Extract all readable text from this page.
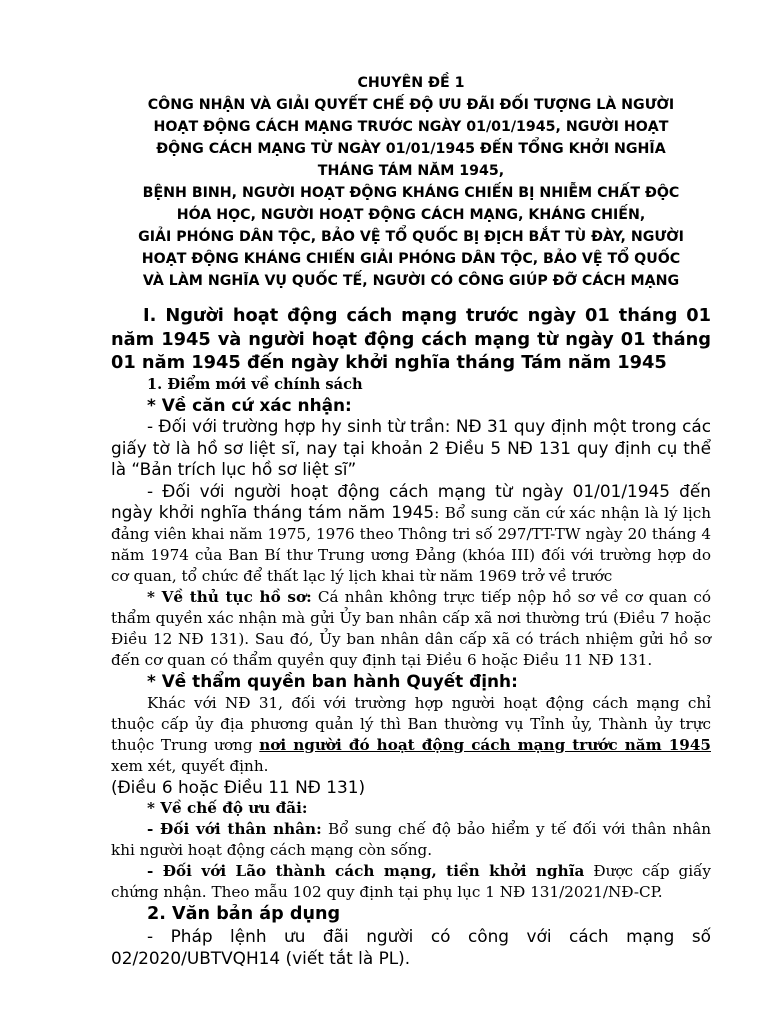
CHUYÊN ĐỀ 1
CÔNG NHẬN VÀ GIẢI QUYẾT CHẾ ĐỘ ƯU ĐÃI ĐỐI TƯỢNG LÀ NGƯỜI
HOẠT ĐỘNG CÁCH MẠNG TRƯỚC NGÀY 01/01/1945, NGƯỜI HOẠT
ĐỘNG CÁCH MẠNG TỪ NGÀY 01/01/1945 ĐẾN TỔNG KHỞI NGHĨA
THÁNG TÁM NĂM 1945,
BỆNH BINH, NGƯỜI HOẠT ĐỘNG KHÁNG CHIẾN BỊ NHIỄM CHẤT ĐỘC
HÓA HỌC, NGƯỜI HOẠT ĐỘNG CÁCH MẠNG, KHÁNG CHIẾN,
GIẢI PHÓNG DÂN TỘC, BẢO VỆ TỔ QUỐC BỊ ĐỊCH BẮT TÙ ĐÀY, NGƯỜI
HOẠT ĐỘNG KHÁNG CHIẾN GIẢI PHÓNG DÂN TỘC, BẢO VỆ TỔ QUỐC
VÀ LÀM NGHĨA VỤ QUỐC TẾ, NGƯỜI CÓ CÔNG GIÚP ĐỠ CÁCH MẠNG

I. Người hoạt động cách mạng trước ngày 01 tháng 01 năm 1945 và người hoạt động cách mạng từ ngày 01 tháng 01 năm 1945 đến ngày khởi nghĩa tháng Tám năm 1945

1. Điểm mới về chính sách

* Về căn cứ xác nhận:

- Đối với trường hợp hy sinh từ trần: NĐ 31 quy định một trong các giấy tờ là hồ sơ liệt sĩ, nay tại khoản 2 Điều 5 NĐ 131 quy định cụ thể là “Bản trích lục hồ sơ liệt sĩ”

- Đối với người hoạt động cách mạng từ ngày 01/01/1945 đến ngày khởi nghĩa tháng tám năm 1945: Bổ sung căn cứ xác nhận là lý lịch đảng viên khai năm 1975, 1976 theo Thông tri số 297/TT-TW ngày 20 tháng 4 năm 1974 của Ban Bí thư Trung ương Đảng (khóa III) đối với trường hợp do cơ quan, tổ chức để thất lạc lý lịch khai từ năm 1969 trở về trước

* Về thủ tục hồ sơ: Cá nhân không trực tiếp nộp hồ sơ về cơ quan có thẩm quyền xác nhận mà gửi Ủy ban nhân cấp xã nơi thường trú (Điều 7 hoặc Điều 12 NĐ 131). Sau đó, Ủy ban nhân dân cấp xã có trách nhiệm gửi hồ sơ đến cơ quan có thẩm quyền quy định tại Điều 6 hoặc Điều 11 NĐ 131.

* Về thẩm quyền ban hành Quyết định:

Khác với NĐ 31, đối với trường hợp người hoạt động cách mạng chỉ thuộc cấp ủy địa phương quản lý thì Ban thường vụ Tỉnh ủy, Thành ủy trực thuộc Trung ương nơi người đó hoạt động cách mạng trước năm 1945 xem xét, quyết định.

(Điều 6 hoặc Điều 11 NĐ 131)

* Về chế độ ưu đãi:

- Đối với thân nhân: Bổ sung chế độ bảo hiểm y tế đối với thân nhân khi người hoạt động cách mạng còn sống.

- Đối với Lão thành cách mạng, tiền khởi nghĩa Được cấp giấy chứng nhận. Theo mẫu 102 quy định tại phụ lục 1 NĐ 131/2021/NĐ-CP.

2. Văn bản áp dụng

- Pháp lệnh ưu đãi người có công với cách mạng số 02/2020/UBTVQH14 (viết tắt là PL).
